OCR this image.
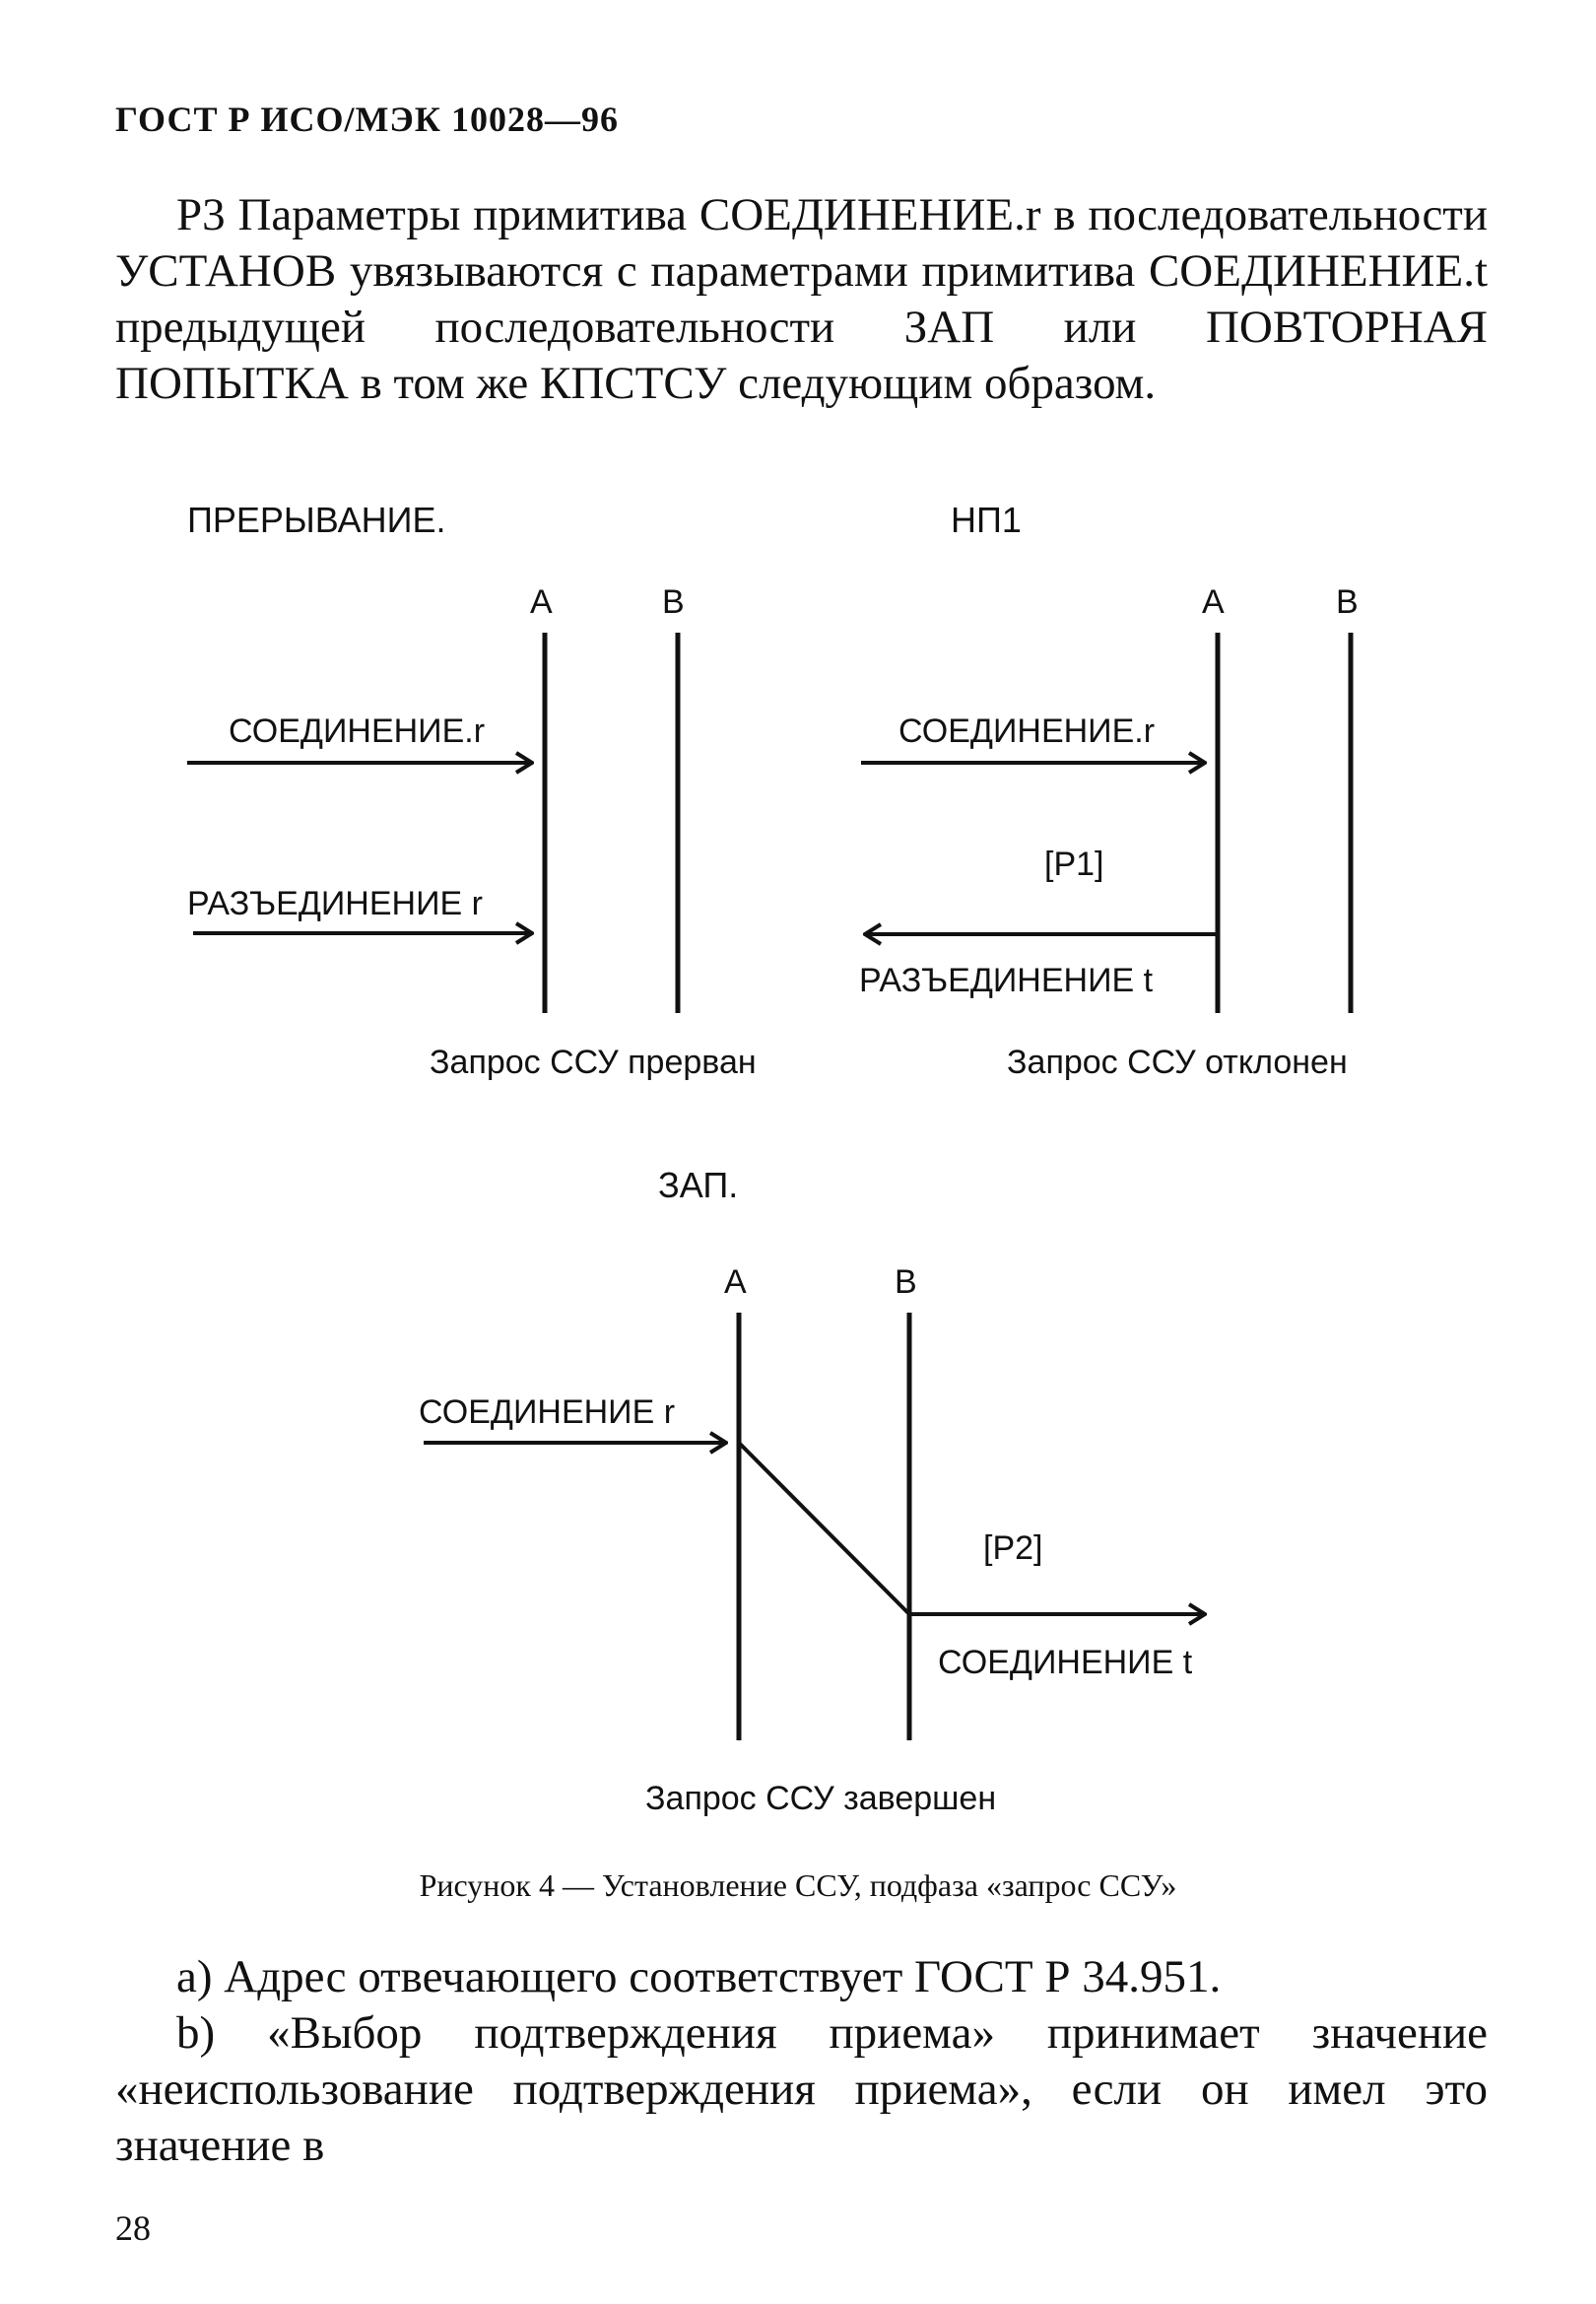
ГОСТ Р ИСО/МЭК 10028—96

Р3 Параметры примитива СОЕДИНЕНИЕ.r в последовательности УСТАНОВ увязываются с параметрами примитива СОЕДИНЕНИЕ.t предыдущей последовательности ЗАП или ПОВТОРНАЯ ПОПЫТКА в том же КПСТСУ следующим образом.

ПРЕРЫВАНИЕ.
А	В
СОЕДИНЕНИЕ.r
РАЗЪЕДИНЕНИЕ r
Запрос ССУ прерван
НП1
А	В
СОЕДИНЕНИЕ.r
[P1]
РАЗЪЕДИНЕНИЕ t
Запрос ССУ отклонен
ЗАП.
А	В
СОЕДИНЕНИЕ r
[P2]
СОЕДИНЕНИЕ t
Запрос ССУ завершен
Рисунок 4 — Установление ССУ, подфаза «запрос ССУ»

а) Адрес отвечающего соответствует ГОСТ Р 34.951.

b) «Выбор подтверждения приема» принимает значение «неиспользование подтверждения приема», если он имел это значение в

28
